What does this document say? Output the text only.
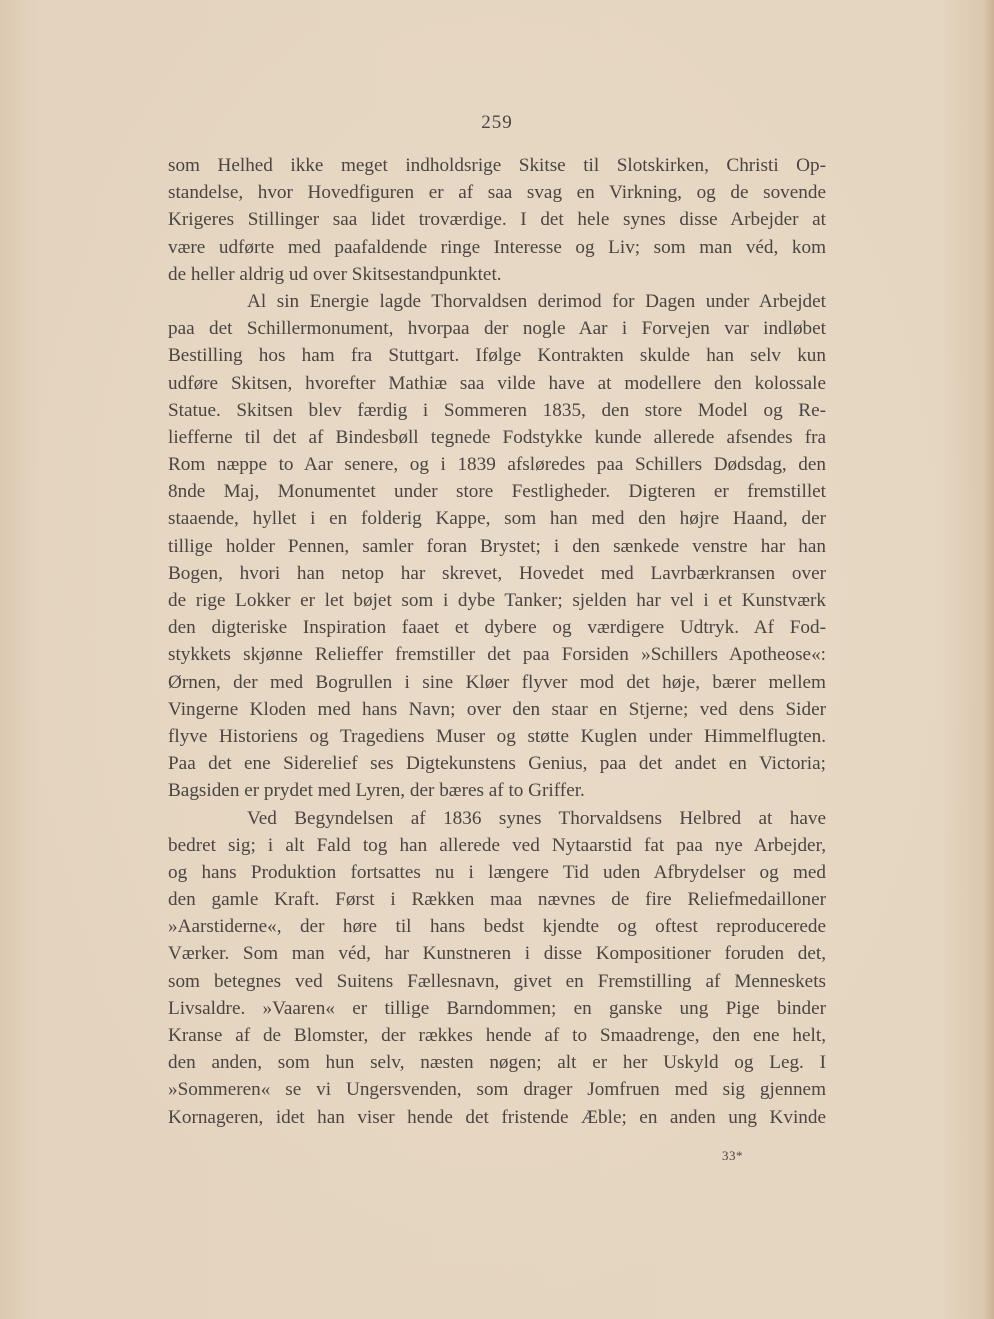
259
som Helhed ikke meget indholdsrige Skitse til Slotskirken, Christi Op-
standelse, hvor Hovedfiguren er af saa svag en Virkning, og de sovende
Krigeres Stillinger saa lidet troværdige. I det hele synes disse Arbejder at
være udførte med paafaldende ringe Interesse og Liv; som man véd, kom
de heller aldrig ud over Skitsestandpunktet.
Al sin Energie lagde Thorvaldsen derimod for Dagen under Arbejdet
paa det Schillermonument, hvorpaa der nogle Aar i Forvejen var indløbet
Bestilling hos ham fra Stuttgart. Ifølge Kontrakten skulde han selv kun
udføre Skitsen, hvorefter Mathiæ saa vilde have at modellere den kolossale
Statue. Skitsen blev færdig i Sommeren 1835, den store Model og Re-
liefferne til det af Bindesbøll tegnede Fodstykke kunde allerede afsendes fra
Rom næppe to Aar senere, og i 1839 afsløredes paa Schillers Dødsdag, den
8nde Maj, Monumentet under store Festligheder. Digteren er fremstillet
staaende, hyllet i en folderig Kappe, som han med den højre Haand, der
tillige holder Pennen, samler foran Brystet; i den sænkede venstre har han
Bogen, hvori han netop har skrevet, Hovedet med Lavrbærkransen over
de rige Lokker er let bøjet som i dybe Tanker; sjelden har vel i et Kunstværk
den digteriske Inspiration faaet et dybere og værdigere Udtryk. Af Fod-
stykkets skjønne Relieffer fremstiller det paa Forsiden »Schillers Apotheose«:
Ørnen, der med Bogrullen i sine Kløer flyver mod det høje, bærer mellem
Vingerne Kloden med hans Navn; over den staar en Stjerne; ved dens Sider
flyve Historiens og Tragediens Muser og støtte Kuglen under Himmelflugten.
Paa det ene Siderelief ses Digtekunstens Genius, paa det andet en Victoria;
Bagsiden er prydet med Lyren, der bæres af to Griffer.
Ved Begyndelsen af 1836 synes Thorvaldsens Helbred at have
bedret sig; i alt Fald tog han allerede ved Nytaarstid fat paa nye Arbejder,
og hans Produktion fortsattes nu i længere Tid uden Afbrydelser og med
den gamle Kraft. Først i Rækken maa nævnes de fire Reliefmedailloner
»Aarstiderne«, der høre til hans bedst kjendte og oftest reproducerede
Værker. Som man véd, har Kunstneren i disse Kompositioner foruden det,
som betegnes ved Suitens Fællesnavn, givet en Fremstilling af Menneskets
Livsaldre. »Vaaren« er tillige Barndommen; en ganske ung Pige binder
Kranse af de Blomster, der rækkes hende af to Smaadrenge, den ene helt,
den anden, som hun selv, næsten nøgen; alt er her Uskyld og Leg. I
»Sommeren« se vi Ungersvenden, som drager Jomfruen med sig gjennem
Kornageren, idet han viser hende det fristende Æble; en anden ung Kvinde
33*
